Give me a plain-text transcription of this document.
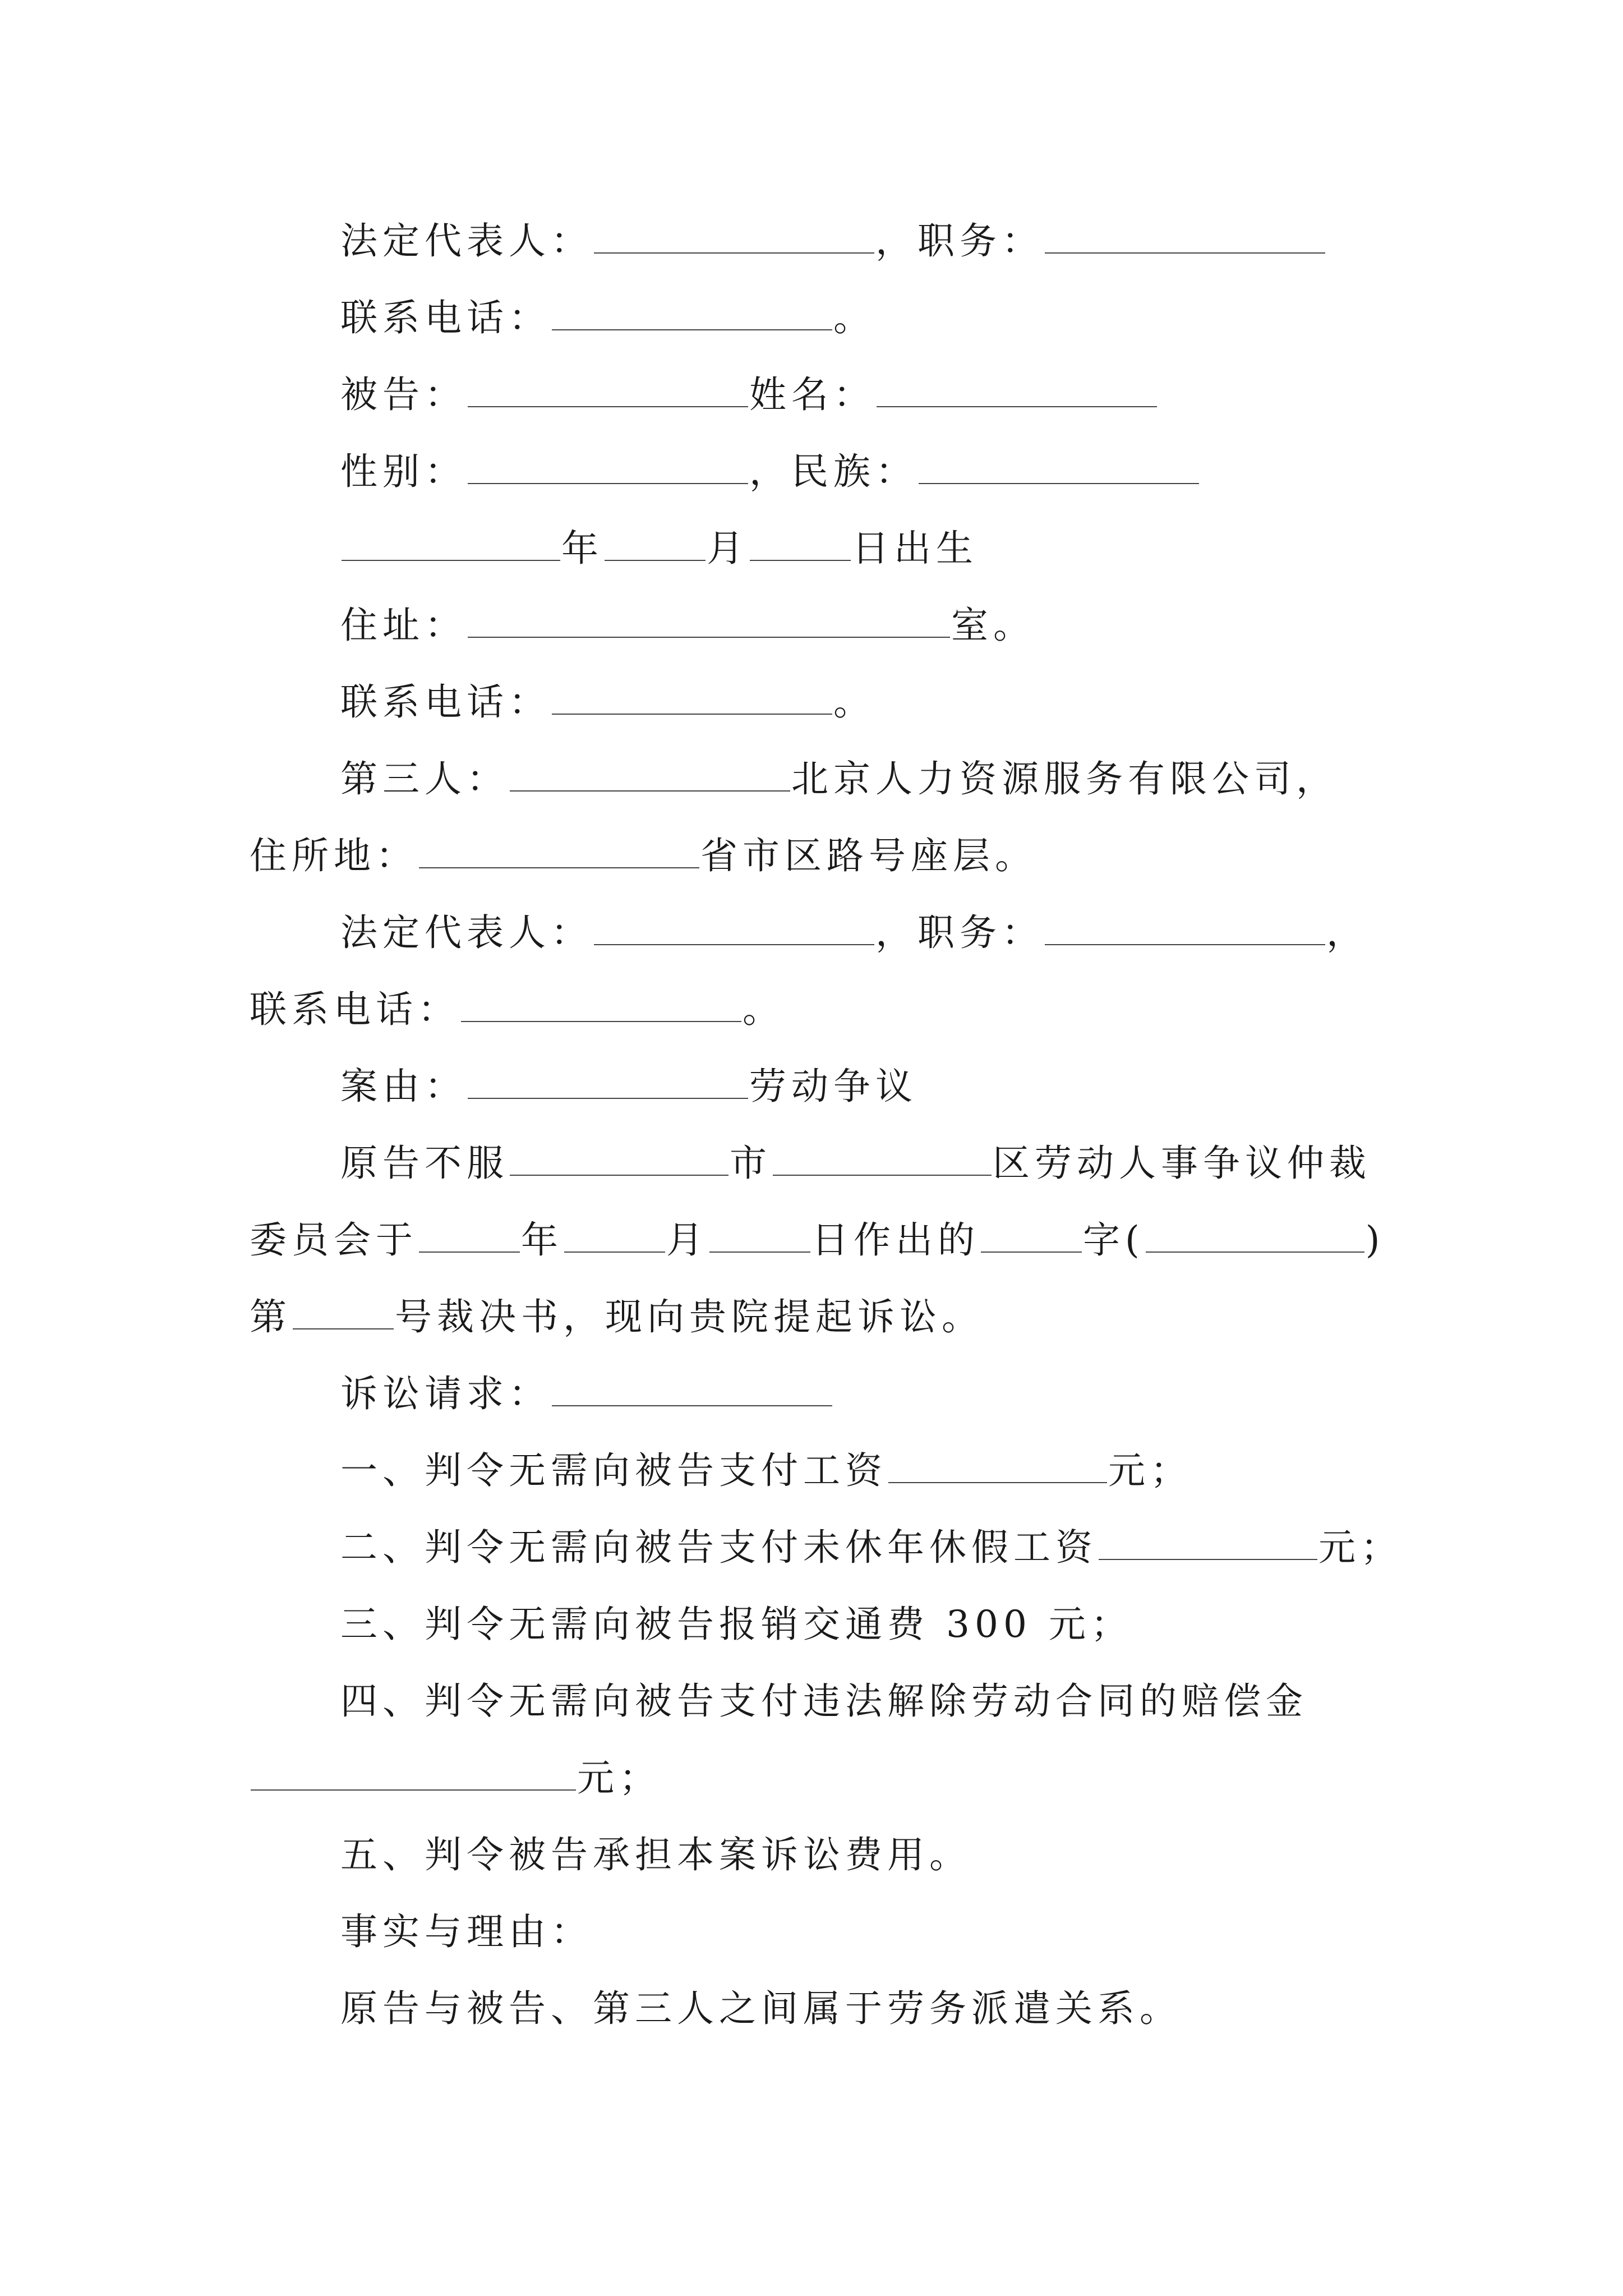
法定代表人：	，职务：
联系电话：	。
被告：	姓名：
性别：	，民族：
年	月	日出生
住址：	室。
联系电话：	。
第三人：	北京人力资源服务有限公司，
住所地：	省市区路号座层。
法定代表人：	，职务：	，
联系电话：	。
案由：	劳动争议
原告不服	市	区劳动人事争议仲裁
委员会于	年	月	日作出的	字(	)
第	号裁决书，现向贵院提起诉讼。
诉讼请求：
一、判令无需向被告支付工资	元；
二、判令无需向被告支付未休年休假工资	元；
三、判令无需向被告报销交通费 300 元；
四、判令无需向被告支付违法解除劳动合同的赔偿金
元；
五、判令被告承担本案诉讼费用。
事实与理由：
原告与被告、第三人之间属于劳务派遣关系。
